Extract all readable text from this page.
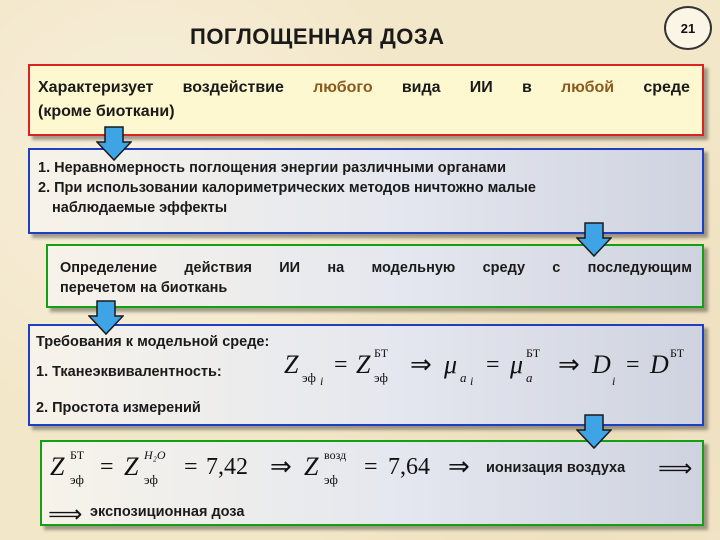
ПОГЛОЩЕННАЯ ДОЗА	21
Характеризует воздействие любого вида ИИ в любой среде
(кроме биоткани)
1. Неравномерность поглощения энергии различными органами
2. При использовании калориметрических методов ничтожно малые
наблюдаемые эффекты
Определение действия ИИ на модельную среду с последующим
перечетом на биоткань
Требования к модельной среде:
1. Тканеэквивалентность:
2. Простота измерений
Z эф i
= Z БТ
эф ⇒ μ a i
= μ БТ
a ⇒ D
i
= D БТ
Z БТ
эф = Z H₂O
эф = 7,42 ⇒ Z возд
эф = 7,64 ⇒ ионизация воздуха ⟹
⟹ экспозиционная доза
